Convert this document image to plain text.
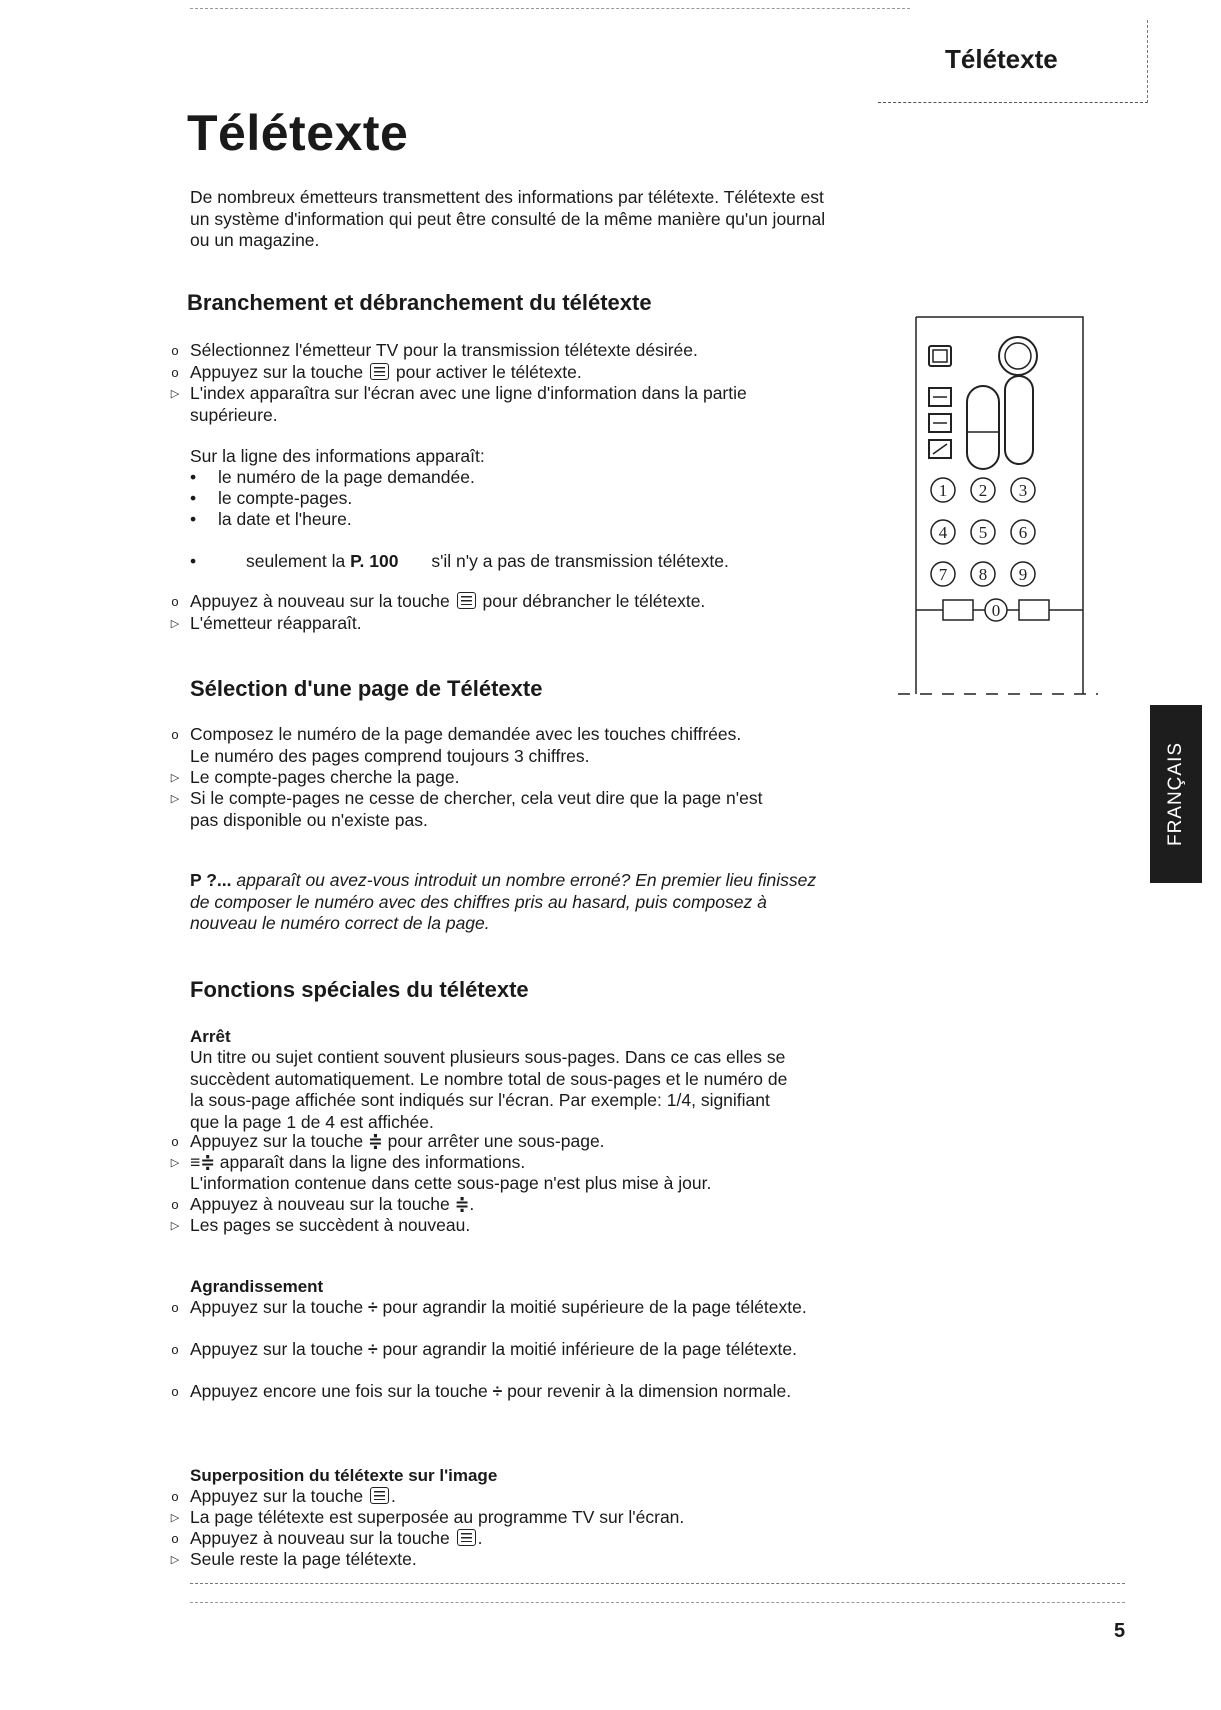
Télétexte
Télétexte

De nombreux émetteurs transmettent des informations par télétexte. Télétexte est un système d'information qui peut être consulté de la même manière qu'un journal ou un magazine.

Branchement et débranchement du télétexte
o
Sélectionnez l'émetteur TV pour la transmission télétexte désirée.
o
Appuyez sur la touche pour activer le télétexte.
▷
L'index apparaîtra sur l'écran avec une ligne d'information dans la partie supérieure.
Sur la ligne des informations apparaît:
• le numéro de la page demandée.
• le compte-pages.
• la date et l'heure.
• seulement la P. 100 s'il n'y a pas de transmission télétexte.
o
Appuyez à nouveau sur la touche pour débrancher le télétexte.
▷
L'émetteur réapparaît.
Sélection d'une page de Télétexte
o
Composez le numéro de la page demandée avec les touches chiffrées. Le numéro des pages comprend toujours 3 chiffres.
▷
Le compte-pages cherche la page.
▷
Si le compte-pages ne cesse de chercher, cela veut dire que la page n'est pas disponible ou n'existe pas.
P ?... apparaît ou avez-vous introduit un nombre erroné? En premier lieu finissez de composer le numéro avec des chiffres pris au hasard, puis composez à nouveau le numéro correct de la page.
Fonctions spéciales du télétexte
Arrêt
Un titre ou sujet contient souvent plusieurs sous-pages. Dans ce cas elles se succèdent automatiquement. Le nombre total de sous-pages et le numéro de la sous-page affichée sont indiqués sur l'écran. Par exemple: 1/4, signifiant que la page 1 de 4 est affichée.
o
Appuyez sur la touche ≑ pour arrêter une sous-page.
▷
≡≑ apparaît dans la ligne des informations.
L'information contenue dans cette sous-page n'est plus mise à jour.
o
Appuyez à nouveau sur la touche ≑.
▷
Les pages se succèdent à nouveau.
Agrandissement
o
Appuyez sur la touche ÷ pour agrandir la moitié supérieure de la page télétexte.
o
Appuyez sur la touche ÷ pour agrandir la moitié inférieure de la page télétexte.
o
Appuyez encore une fois sur la touche ÷ pour revenir à la dimension normale.
Superposition du télétexte sur l'image
o
Appuyez sur la touche .
▷
La page télétexte est superposée au programme TV sur l'écran.
o
Appuyez à nouveau sur la touche .
▷
Seule reste la page télétexte.
1 2 3
4 5 6
7 8 9
0
FRANÇAIS
5
